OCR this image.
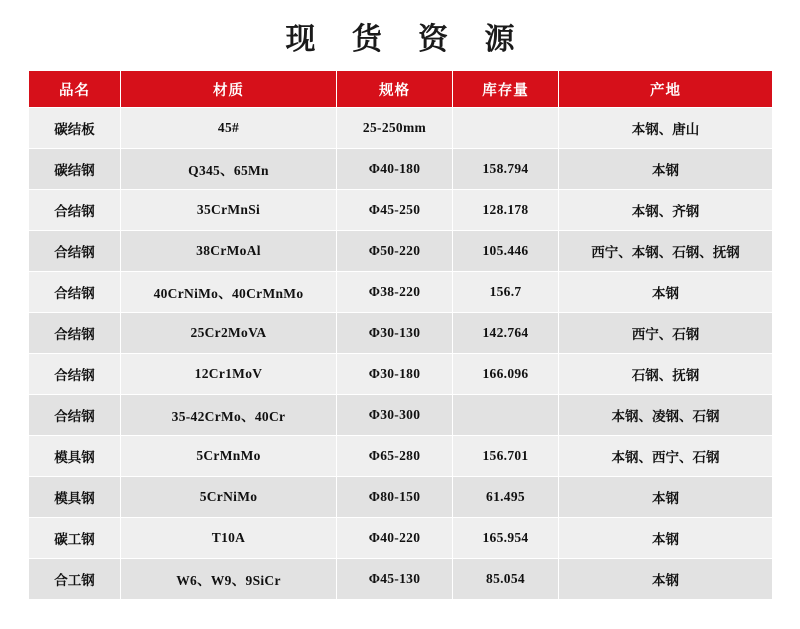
现 货 资 源
品名	材质	规格	库存量	产地
碳结板	45#	25-250mm		本钢、唐山
碳结钢	Q345、65Mn	Φ40-180	158.794	本钢
合结钢	35CrMnSi	Φ45-250	128.178	本钢、齐钢
合结钢	38CrMoAl	Φ50-220	105.446	西宁、本钢、石钢、抚钢
合结钢	40CrNiMo、40CrMnMo	Φ38-220	156.7	本钢
合结钢	25Cr2MoVA	Φ30-130	142.764	西宁、石钢
合结钢	12Cr1MoV	Φ30-180	166.096	石钢、抚钢
合结钢	35-42CrMo、40Cr	Φ30-300		本钢、凌钢、石钢
模具钢	5CrMnMo	Φ65-280	156.701	本钢、西宁、石钢
模具钢	5CrNiMo	Φ80-150	61.495	本钢
碳工钢	T10A	Φ40-220	165.954	本钢
合工钢	W6、W9、9SiCr	Φ45-130	85.054	本钢
